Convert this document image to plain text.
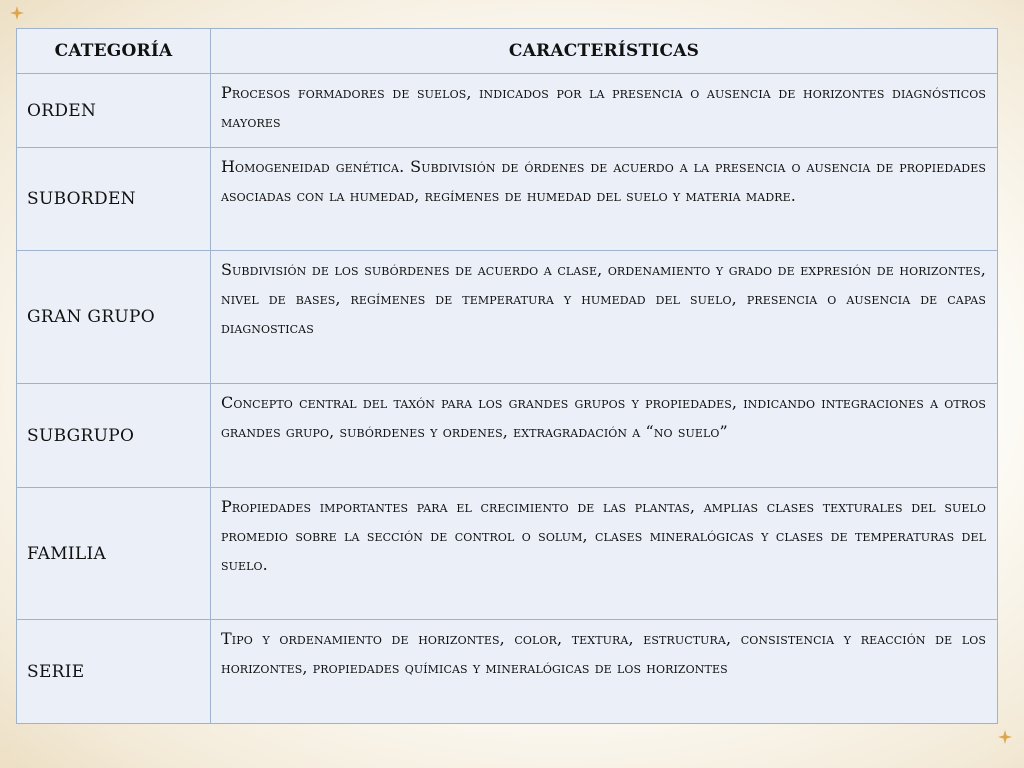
CATEGORÍA	CARACTERÍSTICAS
ORDEN	Procesos formadores de suelos, indicados por la presencia o ausencia de horizontes diagnósticos mayores
SUBORDEN	Homogeneidad genética. Subdivisión de órdenes de acuerdo a la presencia o ausencia de propiedades asociadas con la humedad, regímenes de humedad del suelo y materia madre.
GRAN GRUPO	Subdivisión de los subórdenes de acuerdo a clase, ordenamiento y grado de expresión de horizontes, nivel de bases, regímenes de temperatura y humedad del suelo, presencia o ausencia de capas diagnosticas
SUBGRUPO	Concepto central del taxón para los grandes grupos y propiedades, indicando integraciones a otros grandes grupo, subórdenes y ordenes, extragradación a “no suelo”
FAMILIA	Propiedades importantes para el crecimiento de las plantas, amplias clases texturales del suelo promedio sobre la sección de control o solum, clases mineralógicas y clases de temperaturas del suelo.
SERIE	Tipo y ordenamiento de horizontes, color, textura, estructura, consistencia y reacción de los horizontes, propiedades químicas y mineralógicas de los horizontes
